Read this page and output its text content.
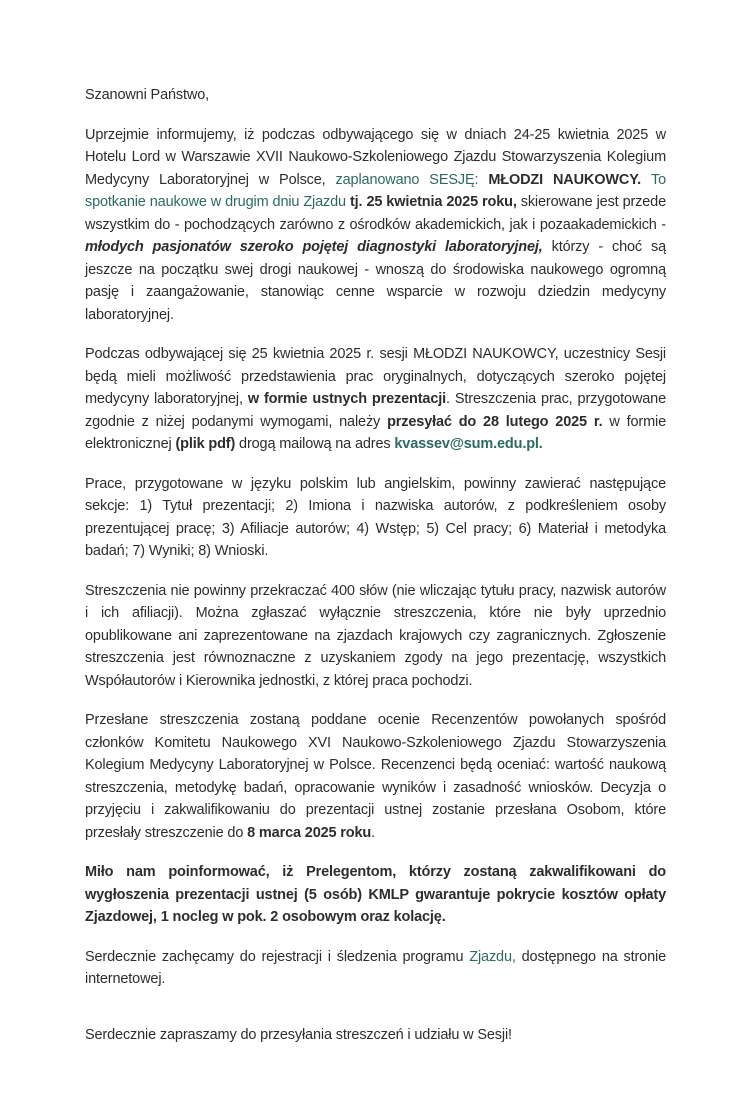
Szanowni Państwo,

Uprzejmie informujemy, iż podczas odbywającego się w dniach 24-25 kwietnia 2025 w Hotelu Lord w Warszawie XVII Naukowo-Szkoleniowego Zjazdu Stowarzyszenia Kolegium Medycyny Laboratoryjnej w Polsce, zaplanowano SESJĘ: MŁODZI NAUKOWCY. To spotkanie naukowe w drugim dniu Zjazdu tj. 25 kwietnia 2025 roku, skierowane jest przede wszystkim do - pochodzących zarówno z ośrodków akademickich, jak i pozaakademickich - młodych pasjonatów szeroko pojętej diagnostyki laboratoryjnej, którzy - choć są jeszcze na początku swej drogi naukowej - wnoszą do środowiska naukowego ogromną pasję i zaangażowanie, stanowiąc cenne wsparcie w rozwoju dziedzin medycyny laboratoryjnej.

Podczas odbywającej się 25 kwietnia 2025 r. sesji MŁODZI NAUKOWCY, uczestnicy Sesji będą mieli możliwość przedstawienia prac oryginalnych, dotyczących szeroko pojętej medycyny laboratoryjnej, w formie ustnych prezentacji. Streszczenia prac, przygotowane zgodnie z niżej podanymi wymogami, należy przesyłać do 28 lutego 2025 r. w formie elektronicznej (plik pdf) drogą mailową na adres kvassev@sum.edu.pl.

Prace, przygotowane w języku polskim lub angielskim, powinny zawierać następujące sekcje: 1) Tytuł prezentacji; 2) Imiona i nazwiska autorów, z podkreśleniem osoby prezentującej pracę; 3) Afiliacje autorów; 4) Wstęp; 5) Cel pracy; 6) Materiał i metodyka badań; 7) Wyniki; 8) Wnioski.

Streszczenia nie powinny przekraczać 400 słów (nie wliczając tytułu pracy, nazwisk autorów i ich afiliacji). Można zgłaszać wyłącznie streszczenia, które nie były uprzednio opublikowane ani zaprezentowane na zjazdach krajowych czy zagranicznych. Zgłoszenie streszczenia jest równoznaczne z uzyskaniem zgody na jego prezentację, wszystkich Współautorów i Kierownika jednostki, z której praca pochodzi.

Przesłane streszczenia zostaną poddane ocenie Recenzentów powołanych spośród członków Komitetu Naukowego XVI Naukowo-Szkoleniowego Zjazdu Stowarzyszenia Kolegium Medycyny Laboratoryjnej w Polsce. Recenzenci będą oceniać: wartość naukową streszczenia, metodykę badań, opracowanie wyników i zasadność wniosków. Decyzja o przyjęciu i zakwalifikowaniu do prezentacji ustnej zostanie przesłana Osobom, które przesłały streszczenie do 8 marca 2025 roku.

Miło nam poinformować, iż Prelegentom, którzy zostaną zakwalifikowani do wygłoszenia prezentacji ustnej (5 osób) KMLP gwarantuje pokrycie kosztów opłaty Zjazdowej, 1 nocleg w pok. 2 osobowym oraz kolację.

Serdecznie zachęcamy do rejestracji i śledzenia programu Zjazdu, dostępnego na stronie internetowej.

Serdecznie zapraszamy do przesyłania streszczeń i udziału w Sesji!
